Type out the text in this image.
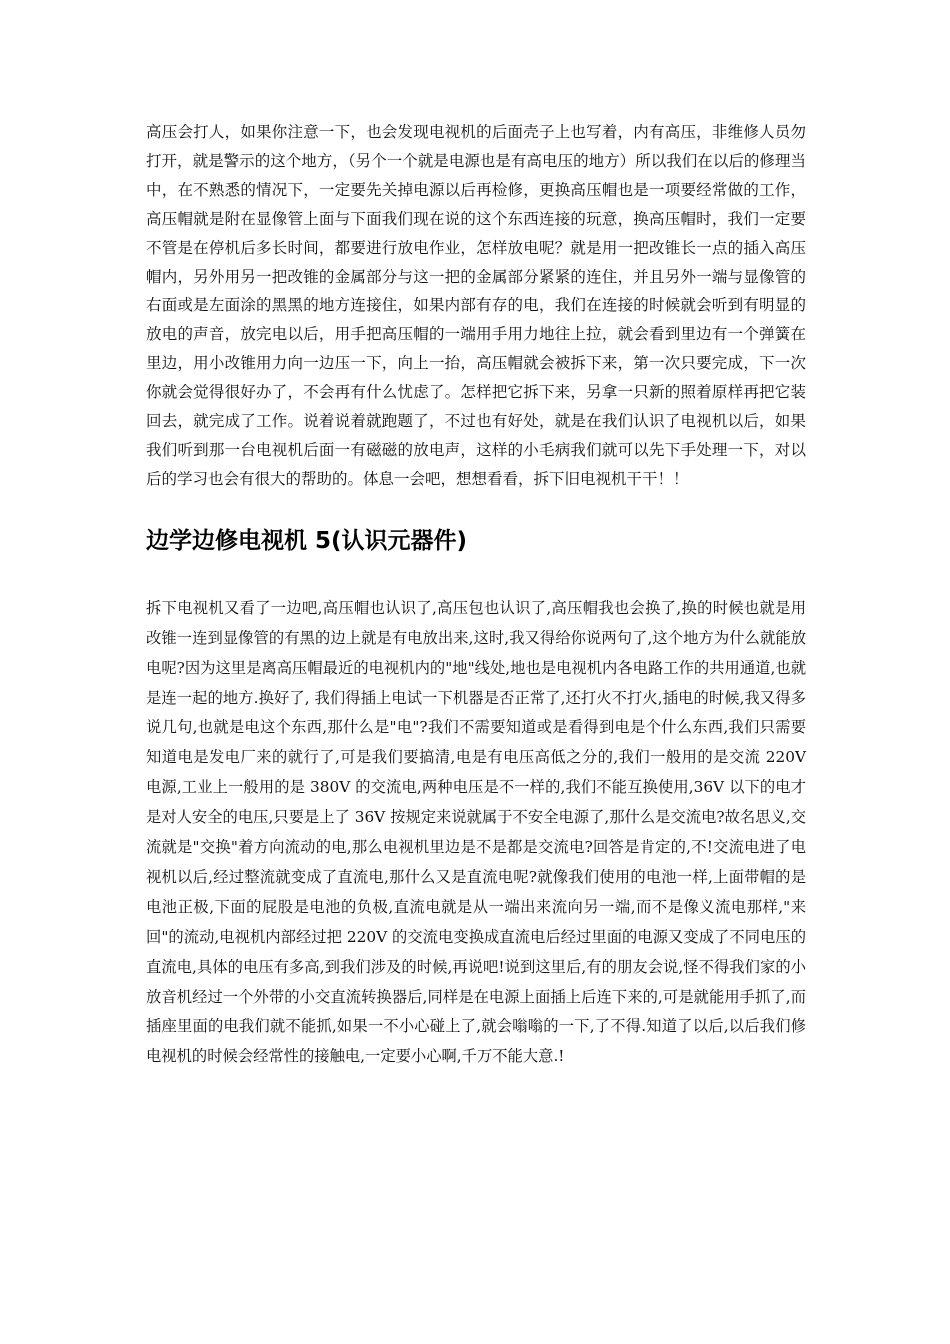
高压会打人，如果你注意一下，也会发现电视机的后面壳子上也写着，内有高压，非维修人员勿打开，就是警示的这个地方，（另个一个就是电源也是有高电压的地方）所以我们在以后的修理当中，在不熟悉的情况下，一定要先关掉电源以后再检修，更换高压帽也是一项要经常做的工作，高压帽就是附在显像管上面与下面我们现在说的这个东西连接的玩意，换高压帽时，我们一定要不管是在停机后多长时间，都要进行放电作业，怎样放电呢？就是用一把改锥长一点的插入高压帽内，另外用另一把改锥的金属部分与这一把的金属部分紧紧的连住，并且另外一端与显像管的右面或是左面涂的黑黑的地方连接住，如果内部有存的电，我们在连接的时候就会听到有明显的放电的声音，放完电以后，用手把高压帽的一端用手用力地往上拉，就会看到里边有一个弹簧在里边，用小改锥用力向一边压一下，向上一抬，高压帽就会被拆下来，第一次只要完成，下一次你就会觉得很好办了，不会再有什么忧虑了。怎样把它拆下来，另拿一只新的照着原样再把它装回去，就完成了工作。说着说着就跑题了，不过也有好处，就是在我们认识了电视机以后，如果我们听到那一台电视机后面一有磁磁的放电声，这样的小毛病我们就可以先下手处理一下，对以后的学习也会有很大的帮助的。体息一会吧，想想看看，拆下旧电视机干干！！

边学边修电视机 5(认识元器件)

拆下电视机又看了一边吧,高压帽也认识了,高压包也认识了,高压帽我也会换了,换的时候也就是用改锥一连到显像管的有黑的边上就是有电放出来,这时,我又得给你说两句了,这个地方为什么就能放电呢?因为这里是离高压帽最近的电视机内的"地"线处,地也是电视机内各电路工作的共用通道,也就是连一起的地方.换好了, 我们得插上电试一下机器是否正常了,还打火不打火,插电的时候,我又得多说几句,也就是电这个东西,那什么是"电"?我们不需要知道或是看得到电是个什么东西,我们只需要知道电是发电厂来的就行了,可是我们要搞清,电是有电压高低之分的,我们一般用的是交流 220V 电源,工业上一般用的是 380V 的交流电,两种电压是不一样的,我们不能互换使用,36V 以下的电才是对人安全的电压,只要是上了 36V 按规定来说就属于不安全电源了,那什么是交流电?故名思义,交流就是"交换"着方向流动的电,那么电视机里边是不是都是交流电?回答是肯定的,不!交流电进了电视机以后,经过整流就变成了直流电,那什么又是直流电呢?就像我们使用的电池一样,上面带帽的是电池正极,下面的屁股是电池的负极,直流电就是从一端出来流向另一端,而不是像义流电那样,"来回"的流动,电视机内部经过把 220V 的交流电变换成直流电后经过里面的电源又变成了不同电压的直流电,具体的电压有多高,到我们涉及的时候,再说吧!说到这里后,有的朋友会说,怪不得我们家的小放音机经过一个外带的小交直流转换器后,同样是在电源上面插上后连下来的,可是就能用手抓了,而插座里面的电我们就不能抓,如果一不小心碰上了,就会嗡嗡的一下,了不得.知道了以后,以后我们修电视机的时候会经常性的接触电,一定要小心啊,千万不能大意.!
